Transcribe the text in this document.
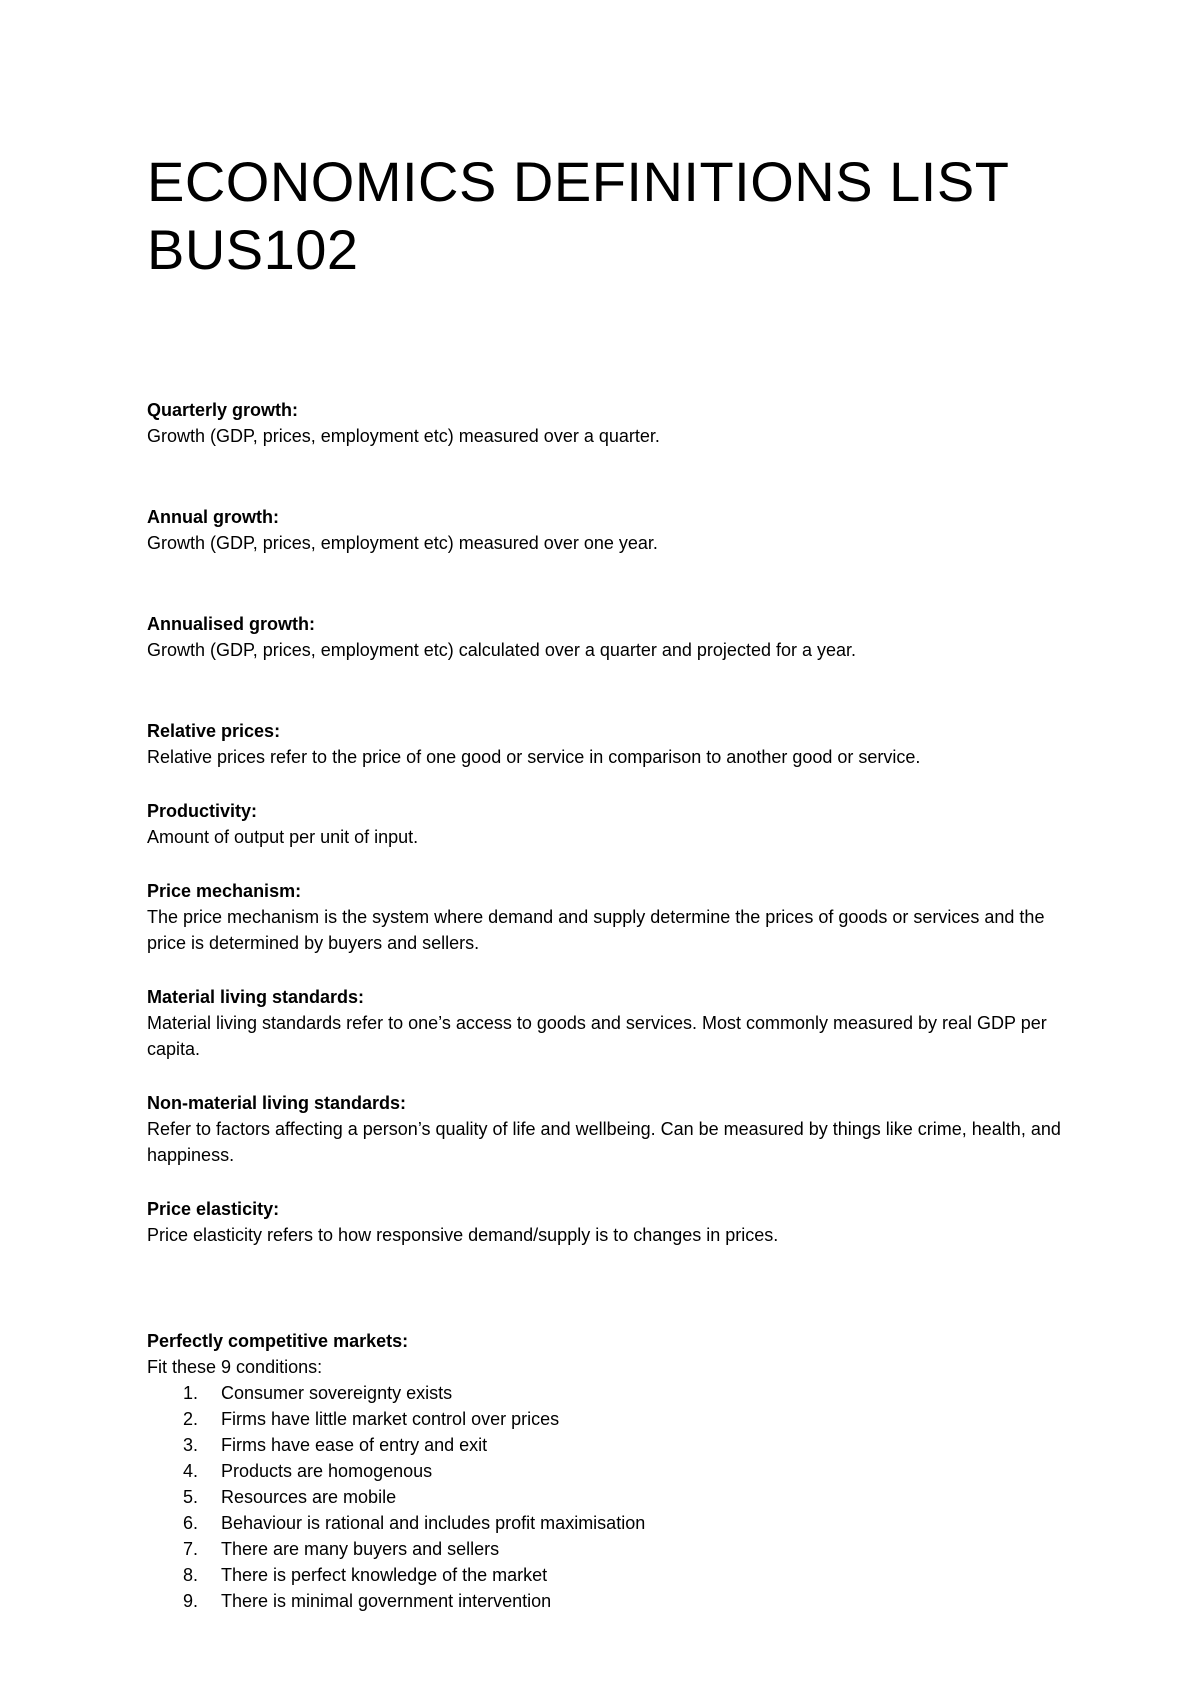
ECONOMICS DEFINITIONS LIST
BUS102
Quarterly growth:
Growth (GDP, prices, employment etc) measured over a quarter.
Annual growth:
Growth (GDP, prices, employment etc) measured over one year.
Annualised growth:
Growth (GDP, prices, employment etc) calculated over a quarter and projected for a year.
Relative prices:
Relative prices refer to the price of one good or service in comparison to another good or service.
Productivity:
Amount of output per unit of input.
Price mechanism:
The price mechanism is the system where demand and supply determine the prices of goods or services and the price is determined by buyers and sellers.
Material living standards:
Material living standards refer to one’s access to goods and services. Most commonly measured by real GDP per capita.
Non-material living standards:
Refer to factors affecting a person’s quality of life and wellbeing. Can be measured by things like crime, health, and happiness.
Price elasticity:
Price elasticity refers to how responsive demand/supply is to changes in prices.
Perfectly competitive markets:
Fit these 9 conditions:
1.	Consumer sovereignty exists
2.	Firms have little market control over prices
3.	Firms have ease of entry and exit
4.	Products are homogenous
5.	Resources are mobile
6.	Behaviour is rational and includes profit maximisation
7.	There are many buyers and sellers
8.	There is perfect knowledge of the market
9.	There is minimal government intervention
